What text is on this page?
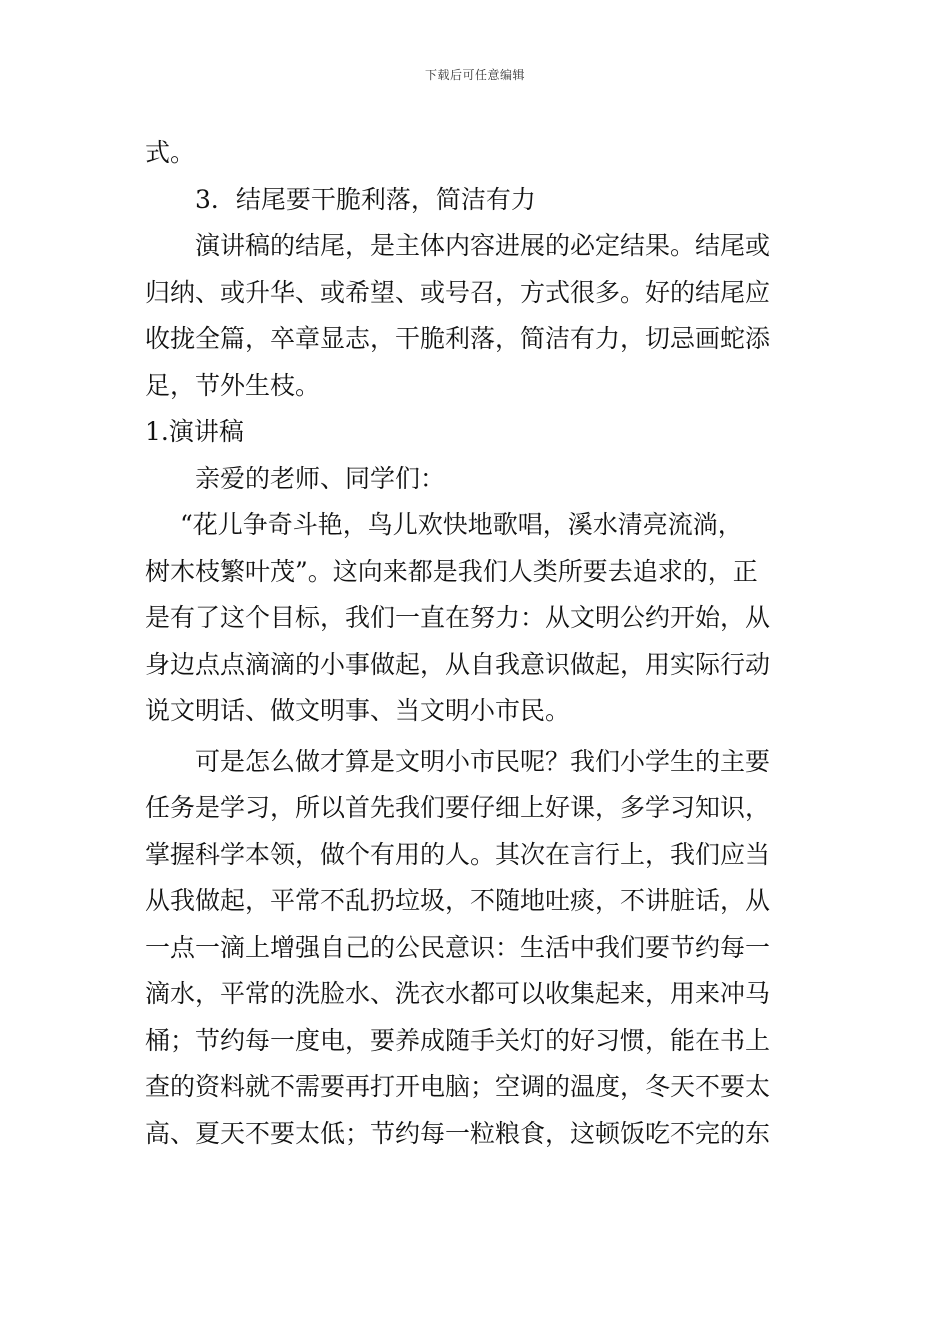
下载后可任意编辑
式。
3．结尾要干脆利落，简洁有力
演讲稿的结尾，是主体内容进展的必定结果。结尾或
归纳、或升华、或希望、或号召，方式很多。好的结尾应
收拢全篇，卒章显志，干脆利落，简洁有力，切忌画蛇添
足，节外生枝。
1.演讲稿
亲爱的老师、同学们：
“花儿争奇斗艳，鸟儿欢快地歌唱，溪水清亮流淌，
树木枝繁叶茂”。这向来都是我们人类所要去追求的，正
是有了这个目标，我们一直在努力：从文明公约开始，从
身边点点滴滴的小事做起，从自我意识做起，用实际行动
说文明话、做文明事、当文明小市民。
可是怎么做才算是文明小市民呢？我们小学生的主要
任务是学习，所以首先我们要仔细上好课，多学习知识，
掌握科学本领，做个有用的人。其次在言行上，我们应当
从我做起，平常不乱扔垃圾，不随地吐痰，不讲脏话，从
一点一滴上增强自己的公民意识：生活中我们要节约每一
滴水，平常的洗脸水、洗衣水都可以收集起来，用来冲马
桶；节约每一度电，要养成随手关灯的好习惯，能在书上
查的资料就不需要再打开电脑；空调的温度，冬天不要太
高、夏天不要太低；节约每一粒粮食，这顿饭吃不完的东
